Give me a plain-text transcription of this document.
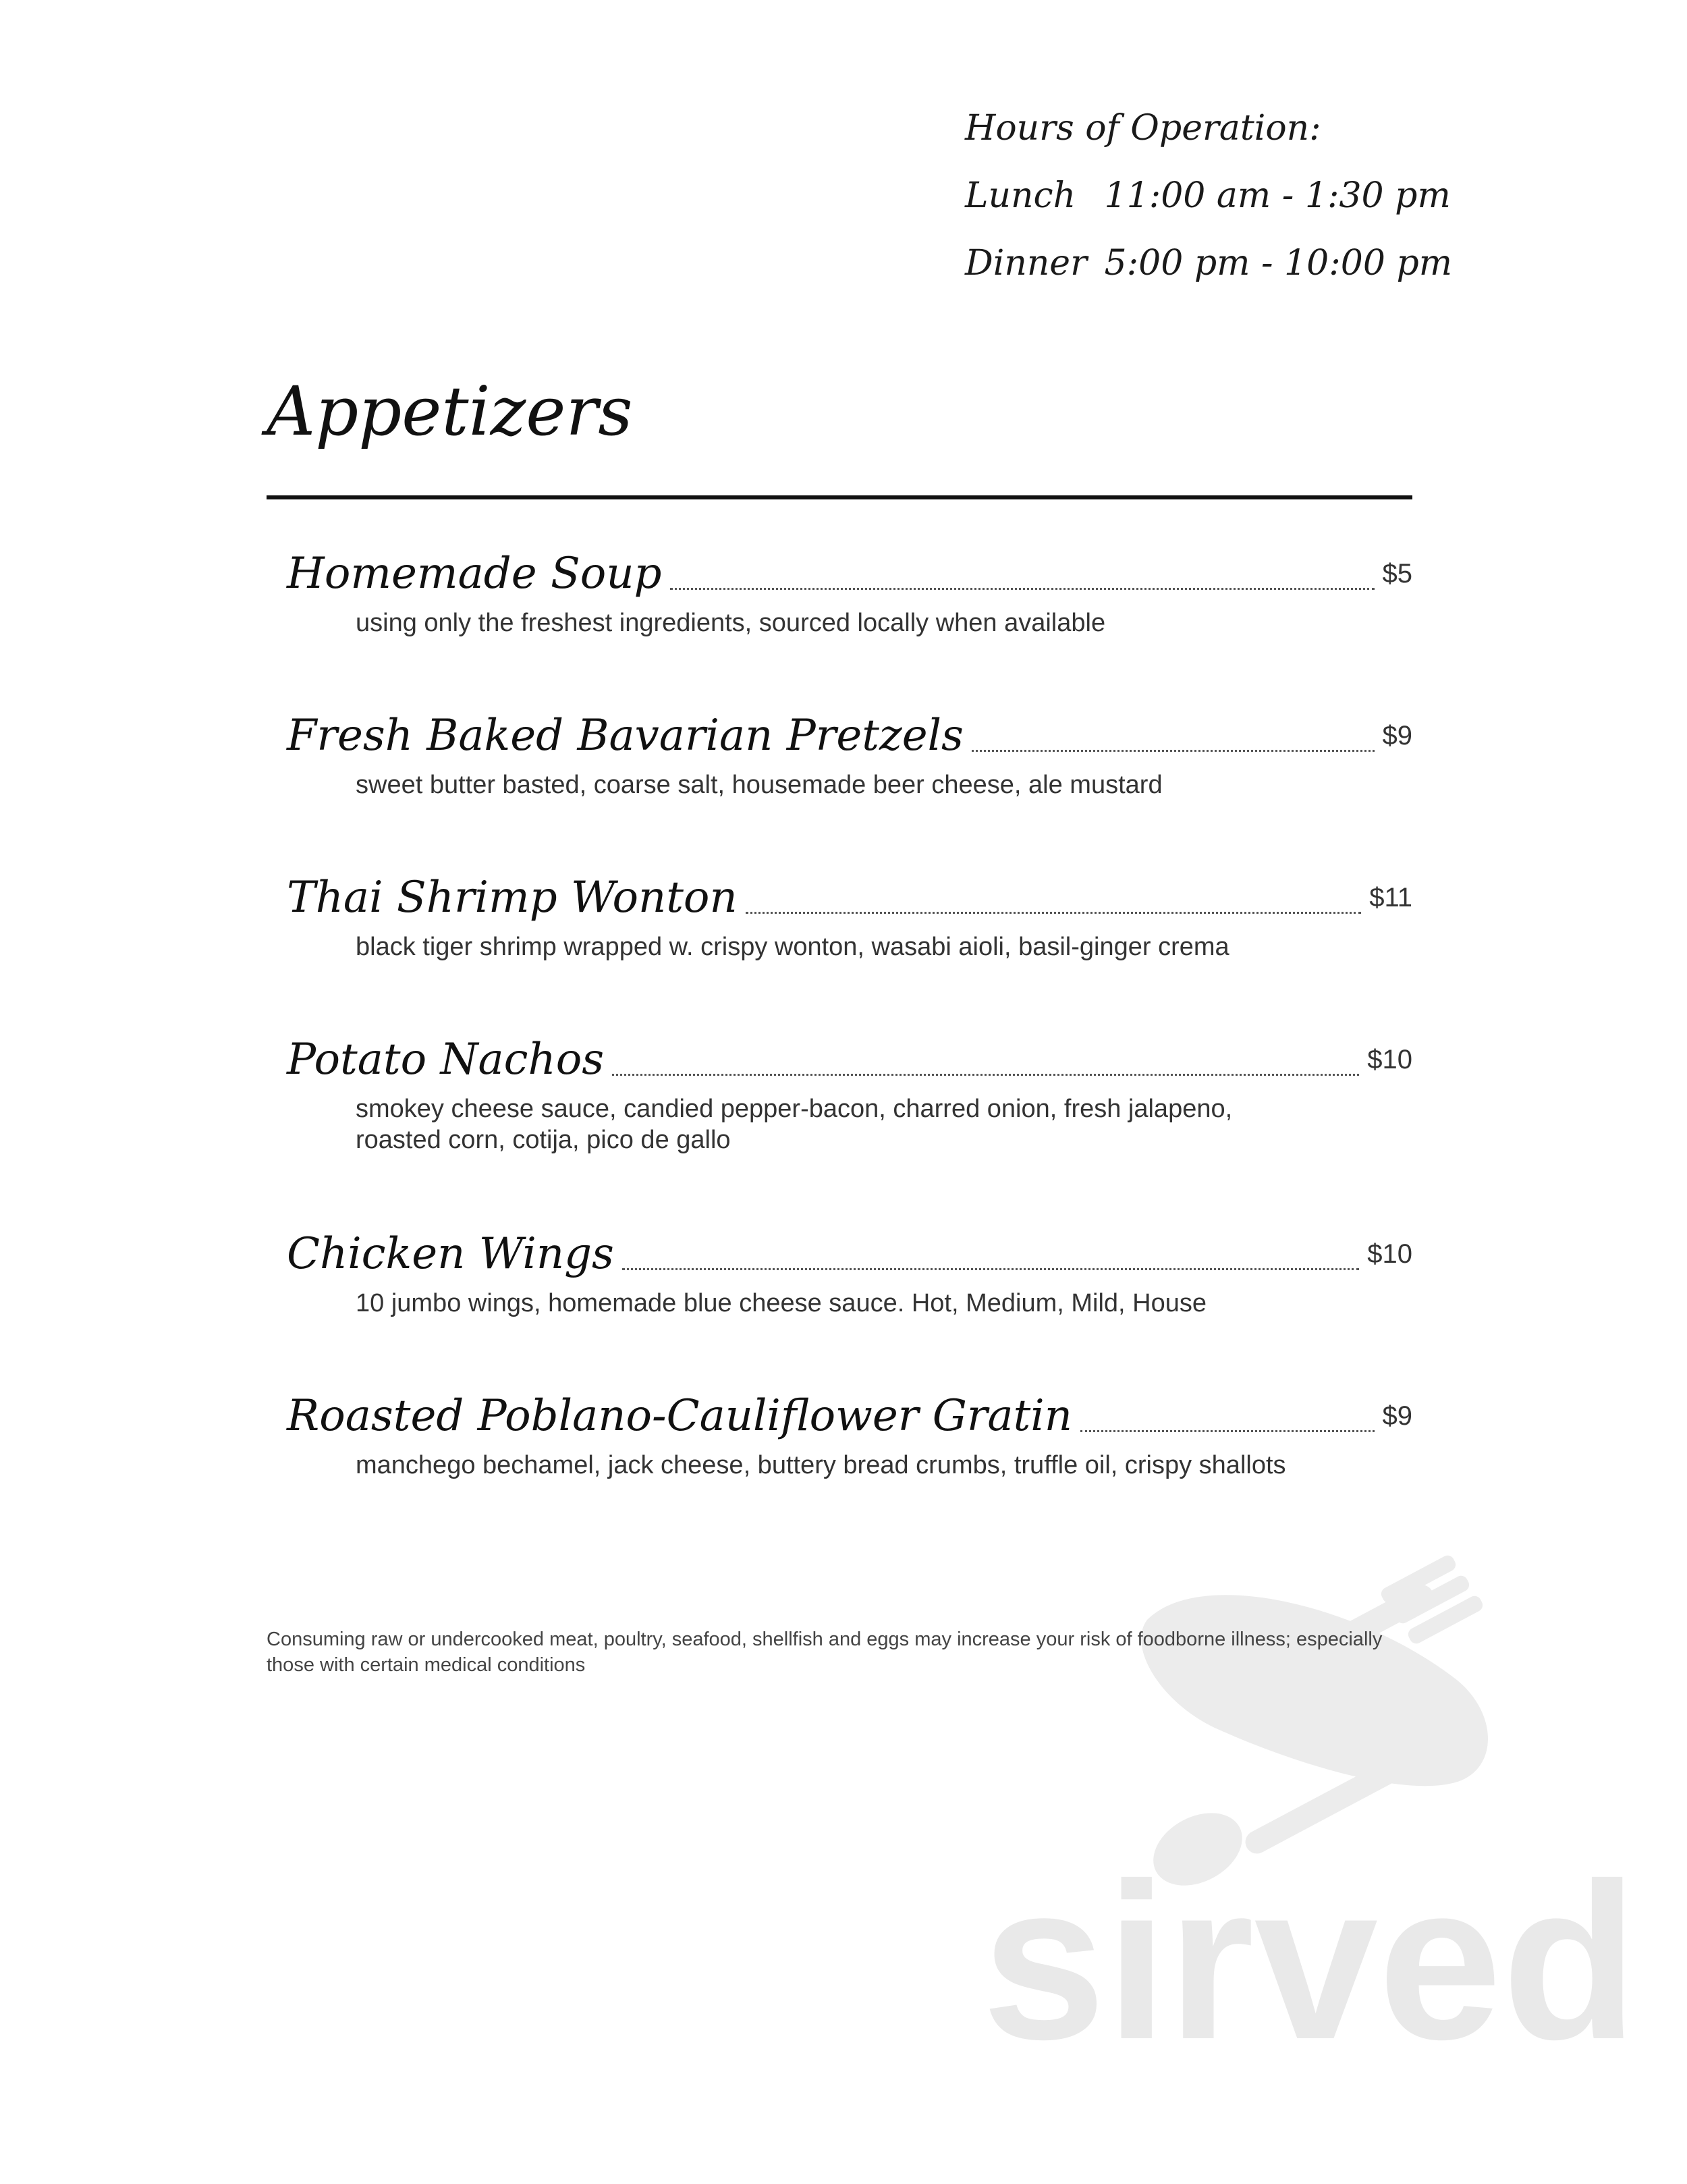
Hours of Operation:
Lunch 11:00 am - 1:30 pm
Dinner 5:00 pm - 10:00 pm
Appetizers
Homemade Soup	$5
using only the freshest ingredients, sourced locally when available
Fresh Baked Bavarian Pretzels	$9
sweet butter basted, coarse salt, housemade beer cheese, ale mustard
Thai Shrimp Wonton	$11
black tiger shrimp wrapped w. crispy wonton, wasabi aioli, basil-ginger crema
Potato Nachos	$10
smokey cheese sauce, candied pepper-bacon, charred onion, fresh jalapeno,
roasted corn, cotija, pico de gallo
Chicken Wings	$10
10 jumbo wings, homemade blue cheese sauce. Hot, Medium, Mild, House
Roasted Poblano-Cauliflower Gratin	$9
manchego bechamel, jack cheese, buttery bread crumbs, truffle oil, crispy shallots
sirved
Consuming raw or undercooked meat, poultry, seafood, shellfish and eggs may increase your risk of foodborne illness; especially those with certain medical conditions
